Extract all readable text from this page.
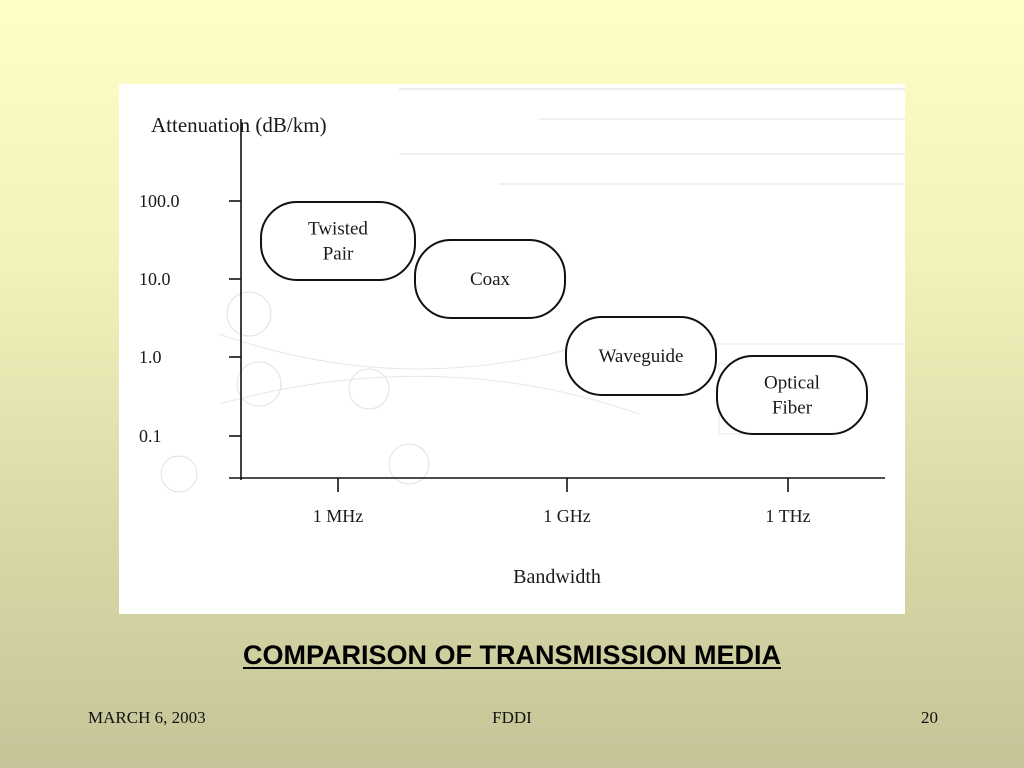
100.0
10.0
1.0
0.1
1 MHz	1 GHz	1 THz
Attenuation (dB/km)
Bandwidth
Twisted
Pair
Coax
Waveguide
Optical
Fiber
COMPARISON OF TRANSMISSION MEDIA
MARCH 6, 2003	FDDI	20
